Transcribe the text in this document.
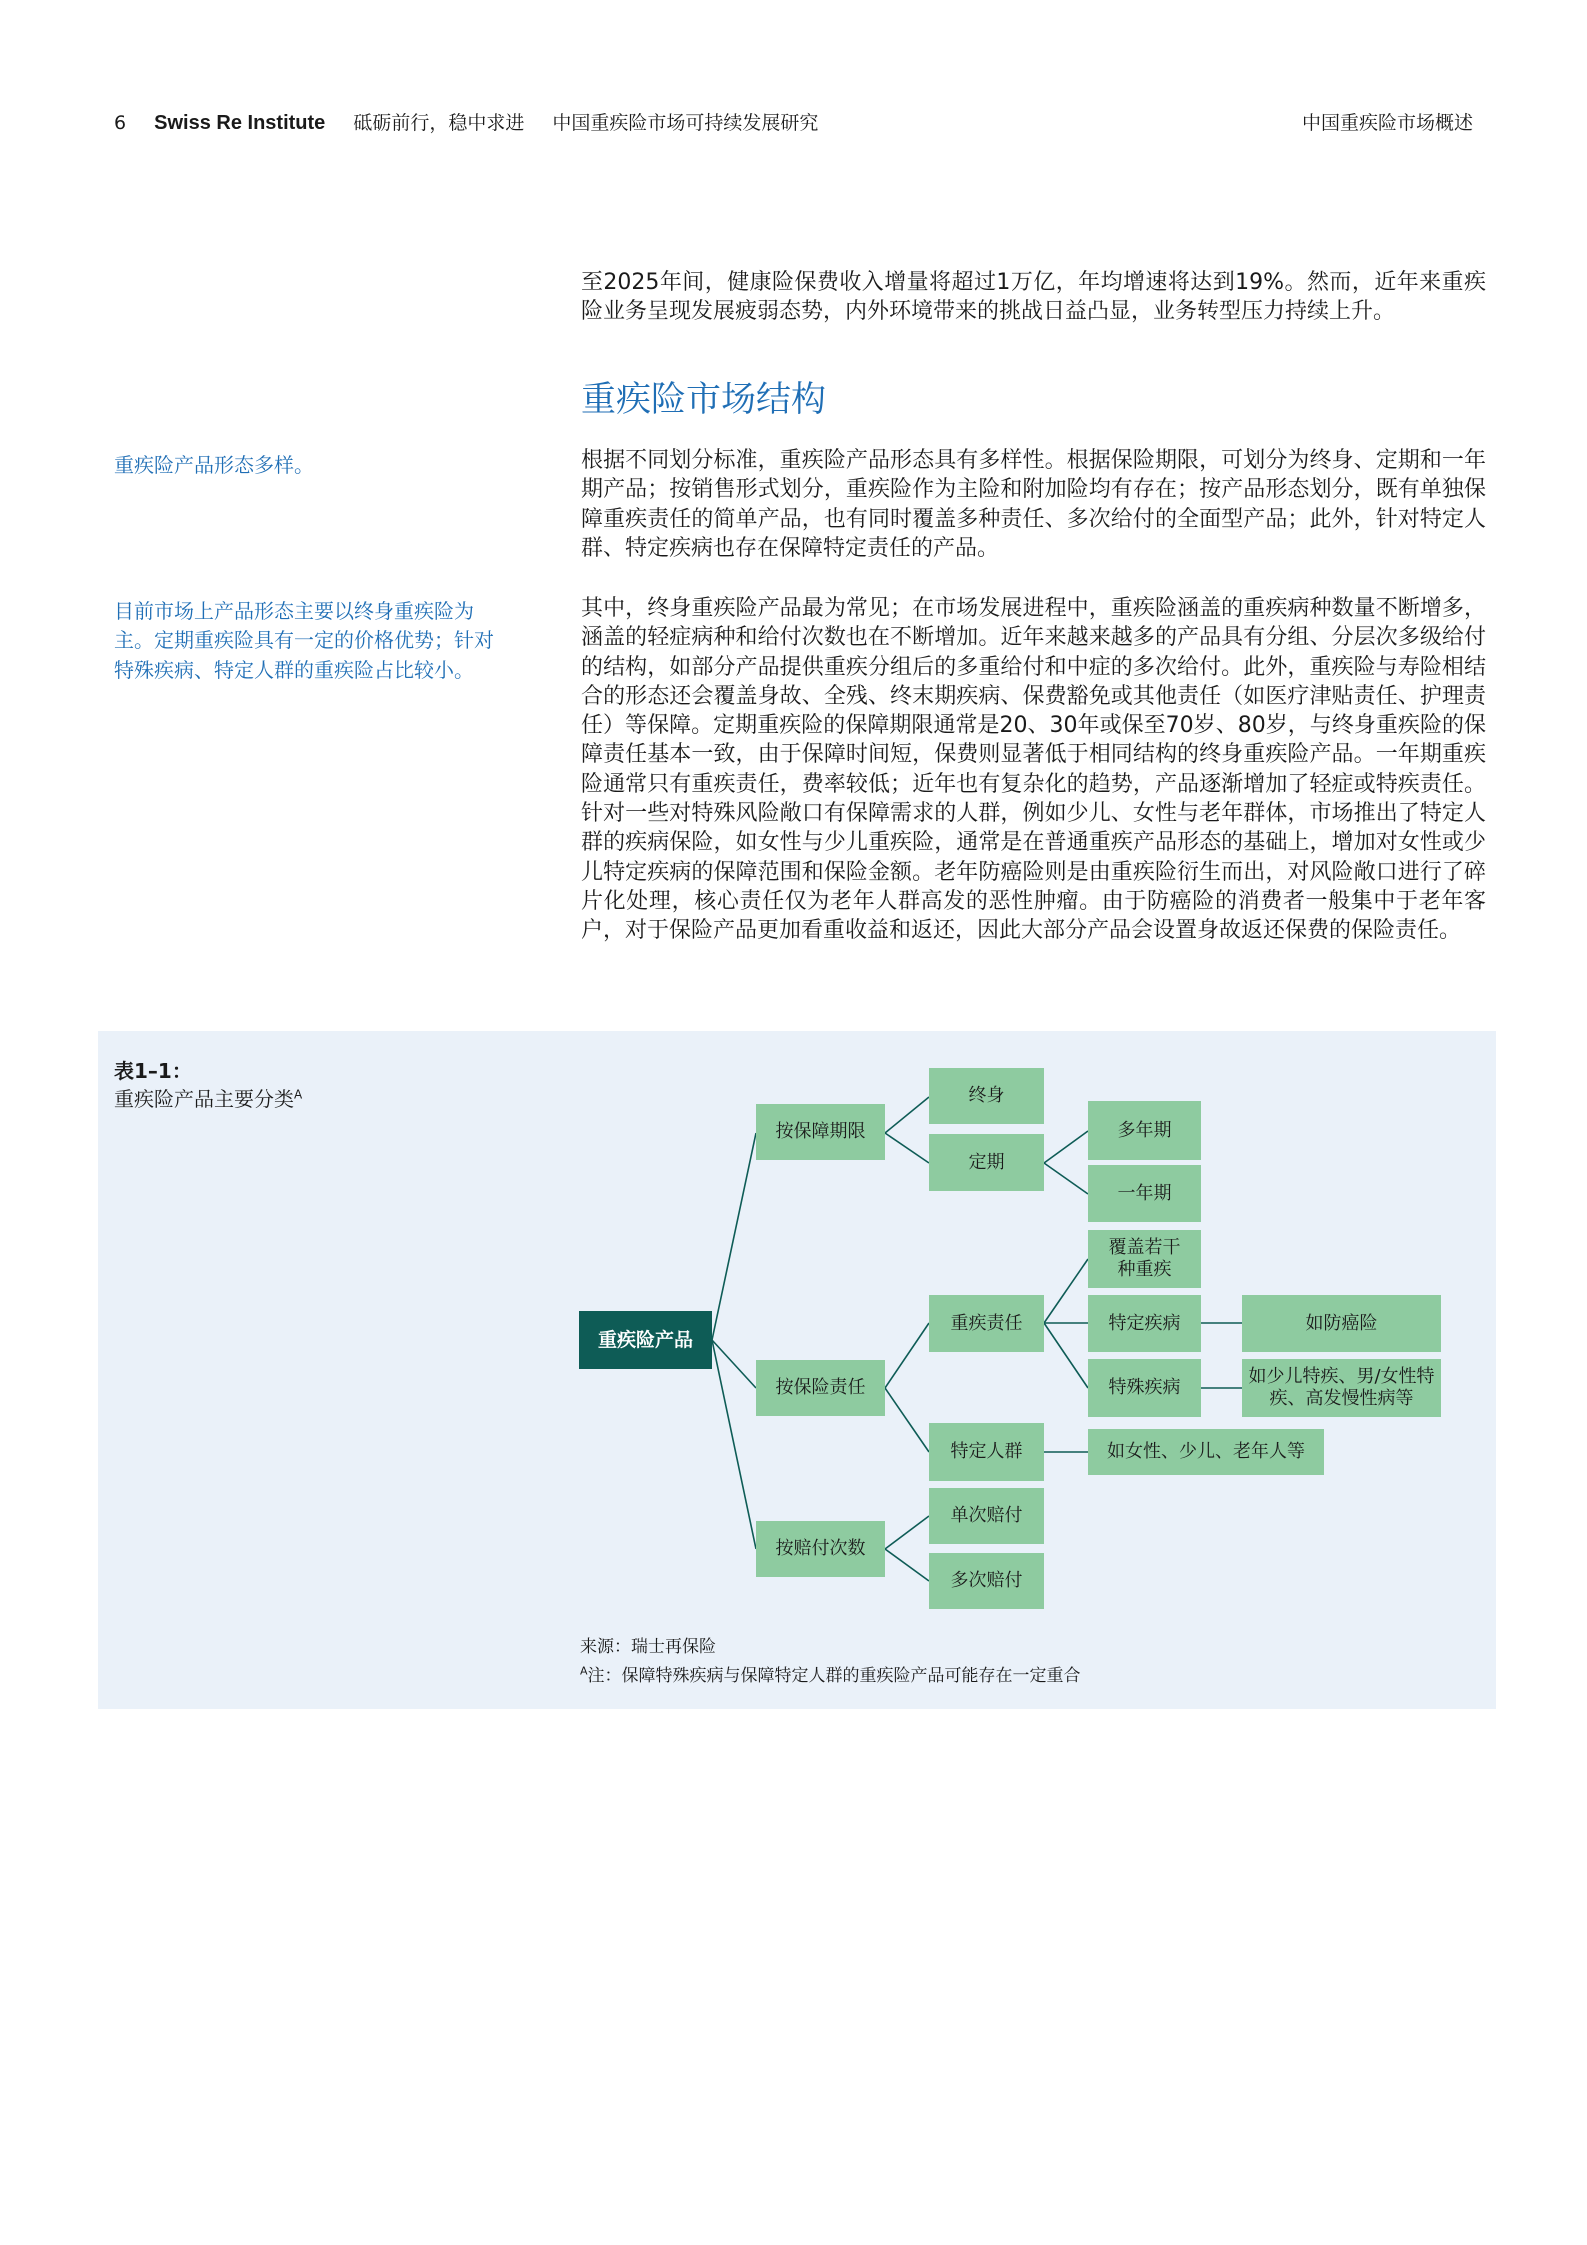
6 Swiss Re Institute 砥砺前行，稳中求进 中国重疾险市场可持续发展研究	中国重疾险市场概述

至2025年间，健康险保费收入增量将超过1万亿，年均增速将达到19%。然而，近年来重疾险业务呈现发展疲弱态势，内外环境带来的挑战日益凸显，业务转型压力持续上升。

重疾险市场结构

重疾险产品形态多样。	根据不同划分标准，重疾险产品形态具有多样性。根据保险期限，可划分为终身、定期和一年期产品；按销售形式划分，重疾险作为主险和附加险均有存在；按产品形态划分，既有单独保障重疾责任的简单产品，也有同时覆盖多种责任、多次给付的全面型产品；此外，针对特定人群、特定疾病也存在保障特定责任的产品。

目前市场上产品形态主要以终身重疾险为主。定期重疾险具有一定的价格优势；针对特殊疾病、特定人群的重疾险占比较小。

其中，终身重疾险产品最为常见；在市场发展进程中，重疾险涵盖的重疾病种数量不断增多，涵盖的轻症病种和给付次数也在不断增加。近年来越来越多的产品具有分组、分层次多级给付的结构，如部分产品提供重疾分组后的多重给付和中症的多次给付。此外，重疾险与寿险相结合的形态还会覆盖身故、全残、终末期疾病、保费豁免或其他责任（如医疗津贴责任、护理责任）等保障。定期重疾险的保障期限通常是20、30年或保至70岁、80岁，与终身重疾险的保障责任基本一致，由于保障时间短，保费则显著低于相同结构的终身重疾险产品。一年期重疾险通常只有重疾责任，费率较低；近年也有复杂化的趋势，产品逐渐增加了轻症或特疾责任。针对一些对特殊风险敞口有保障需求的人群，例如少儿、女性与老年群体，市场推出了特定人群的疾病保险，如女性与少儿重疾险，通常是在普通重疾产品形态的基础上，增加对女性或少儿特定疾病的保障范围和保险金额。老年防癌险则是由重疾险衍生而出，对风险敞口进行了碎片化处理，核心责任仅为老年人群高发的恶性肿瘤。由于防癌险的消费者一般集中于老年客户，对于保险产品更加看重收益和返还，因此大部分产品会设置身故返还保费的保险责任。

表1–1：

重疾险产品主要分类$^A$

重疾险产品
按保障期限
终身
定期
多年期
一年期
按保险责任
重疾责任
覆盖若干种重疾
特定疾病	如防癌险
特殊疾病
如少儿特疾、男/女性特疾、高发慢性病等
特定人群	如女性、少儿、老年人等
按赔付次数
单次赔付
多次赔付

来源：瑞士再保险

$^A$注：保障特殊疾病与保障特定人群的重疾险产品可能存在一定重合
